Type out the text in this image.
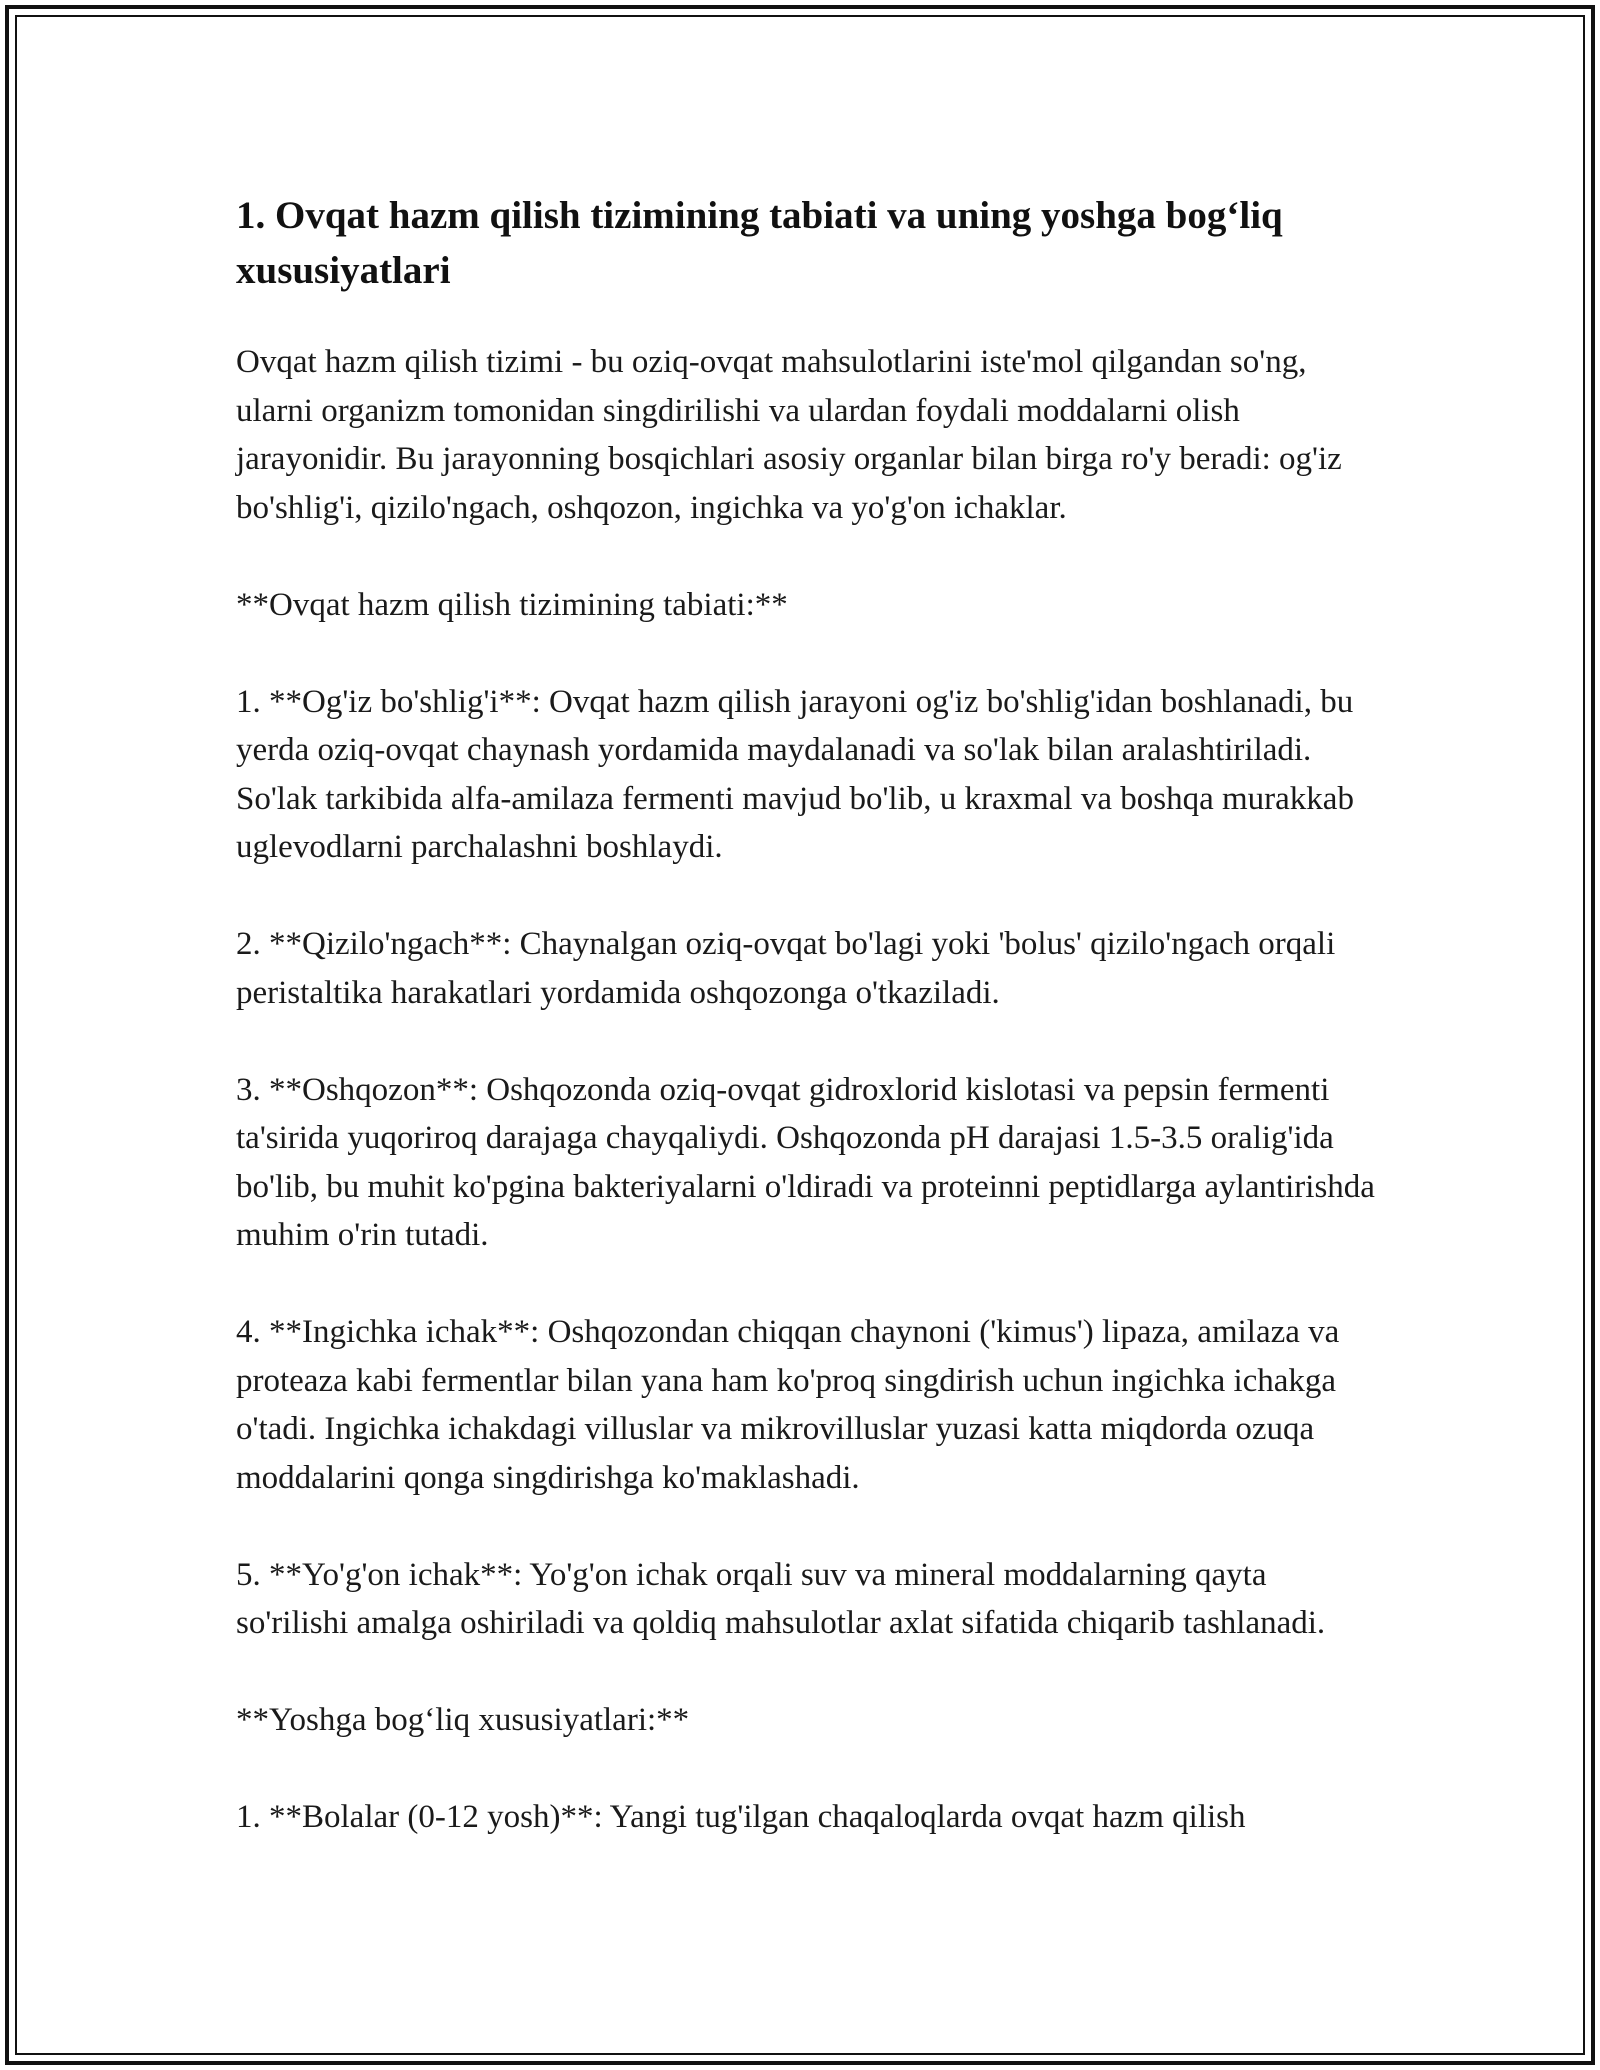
1. Ovqat hazm qilish tizimining tabiati va uning yoshga bog‘liq xususiyatlari

Ovqat hazm qilish tizimi - bu oziq-ovqat mahsulotlarini iste'mol qilgandan so'ng, ularni organizm tomonidan singdirilishi va ulardan foydali moddalarni olish jarayonidir. Bu jarayonning bosqichlari asosiy organlar bilan birga ro'y beradi: og'iz bo'shlig'i, qizilo'ngach, oshqozon, ingichka va yo'g'on ichaklar.

**Ovqat hazm qilish tizimining tabiati:**

1. **Og'iz bo'shlig'i**: Ovqat hazm qilish jarayoni og'iz bo'shlig'idan boshlanadi, bu yerda oziq-ovqat chaynash yordamida maydalanadi va so'lak bilan aralashtiriladi. So'lak tarkibida alfa-amilaza fermenti mavjud bo'lib, u kraxmal va boshqa murakkab uglevodlarni parchalashni boshlaydi.

2. **Qizilo'ngach**: Chaynalgan oziq-ovqat bo'lagi yoki 'bolus' qizilo'ngach orqali peristaltika harakatlari yordamida oshqozonga o'tkaziladi.

3. **Oshqozon**: Oshqozonda oziq-ovqat gidroxlorid kislotasi va pepsin fermenti ta'sirida yuqoriroq darajaga chayqaliydi. Oshqozonda pH darajasi 1.5-3.5 oralig'ida bo'lib, bu muhit ko'pgina bakteriyalarni o'ldiradi va proteinni peptidlarga aylantirishda muhim o'rin tutadi.

4. **Ingichka ichak**: Oshqozondan chiqqan chaynoni ('kimus') lipaza, amilaza va proteaza kabi fermentlar bilan yana ham ko'proq singdirish uchun ingichka ichakga o'tadi. Ingichka ichakdagi villuslar va mikrovilluslar yuzasi katta miqdorda ozuqa moddalarini qonga singdirishga ko'maklashadi.

5. **Yo'g'on ichak**: Yo'g'on ichak orqali suv va mineral moddalarning qayta so'rilishi amalga oshiriladi va qoldiq mahsulotlar axlat sifatida chiqarib tashlanadi.

**Yoshga bog‘liq xususiyatlari:**

1. **Bolalar (0-12 yosh)**: Yangi tug'ilgan chaqaloqlarda ovqat hazm qilish
